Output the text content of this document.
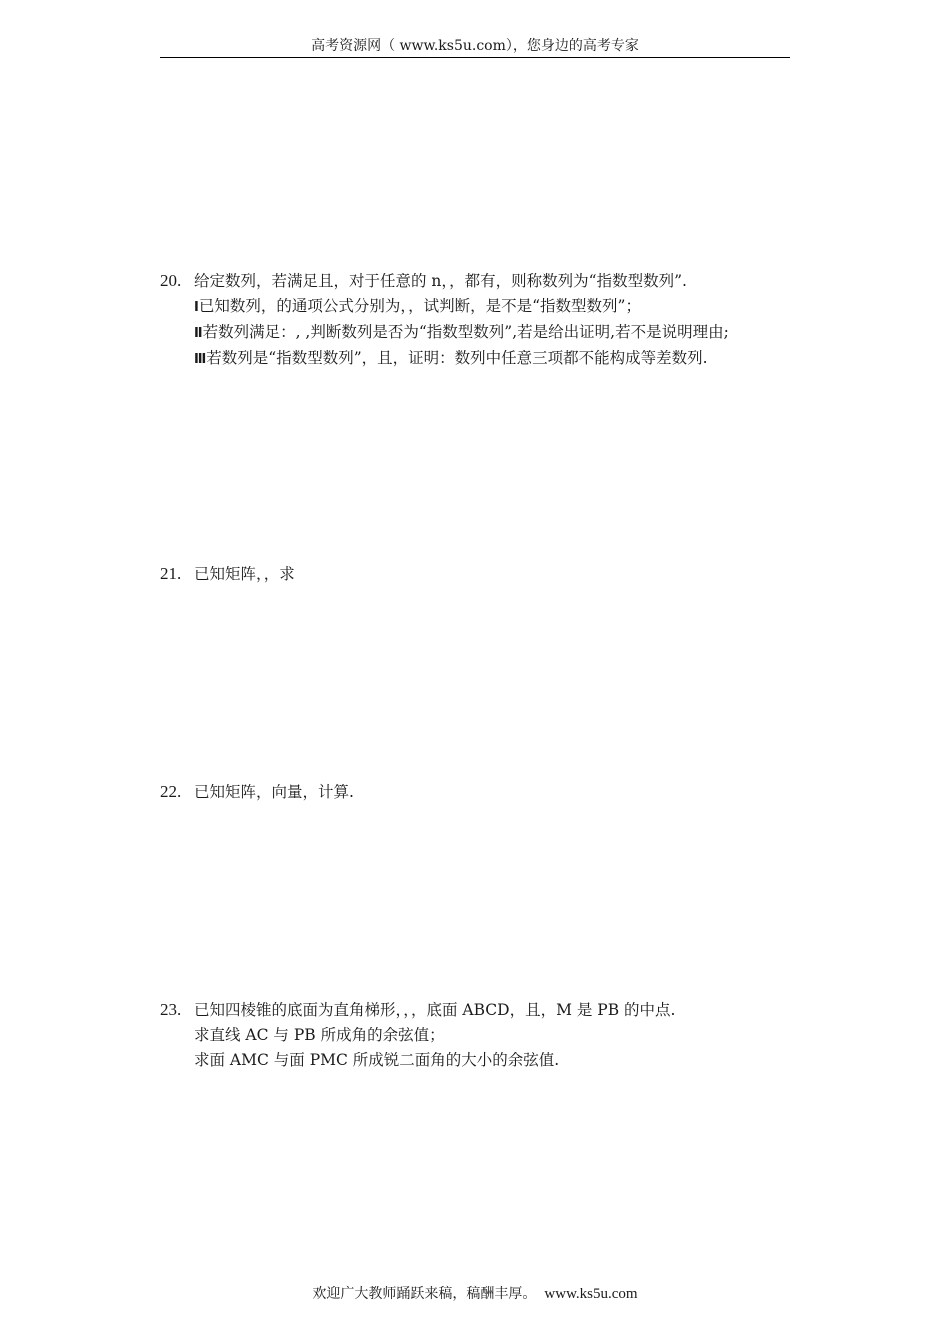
高考资源网（ www.ks5u.com），您身边的高考专家
20. 给定数列，若满足且，对于任意的 n，，都有，则称数列为“指数型数列”.
Ⅰ已知数列，的通项公式分别为，，试判断，是不是“指数型数列”；
Ⅱ若数列满足：, ,判断数列是否为“指数型数列”,若是给出证明,若不是说明理由;
Ⅲ若数列是“指数型数列”，且，证明：数列中任意三项都不能构成等差数列.
21. 已知矩阵，，求
22. 已知矩阵，向量，计算.
23. 已知四棱锥的底面为直角梯形，，，底面 ABCD，且，M 是 PB 的中点.
求直线 AC 与 PB 所成角的余弦值；
求面 AMC 与面 PMC 所成锐二面角的大小的余弦值.
欢迎广大教师踊跃来稿，稿酬丰厚。 www.ks5u.com
